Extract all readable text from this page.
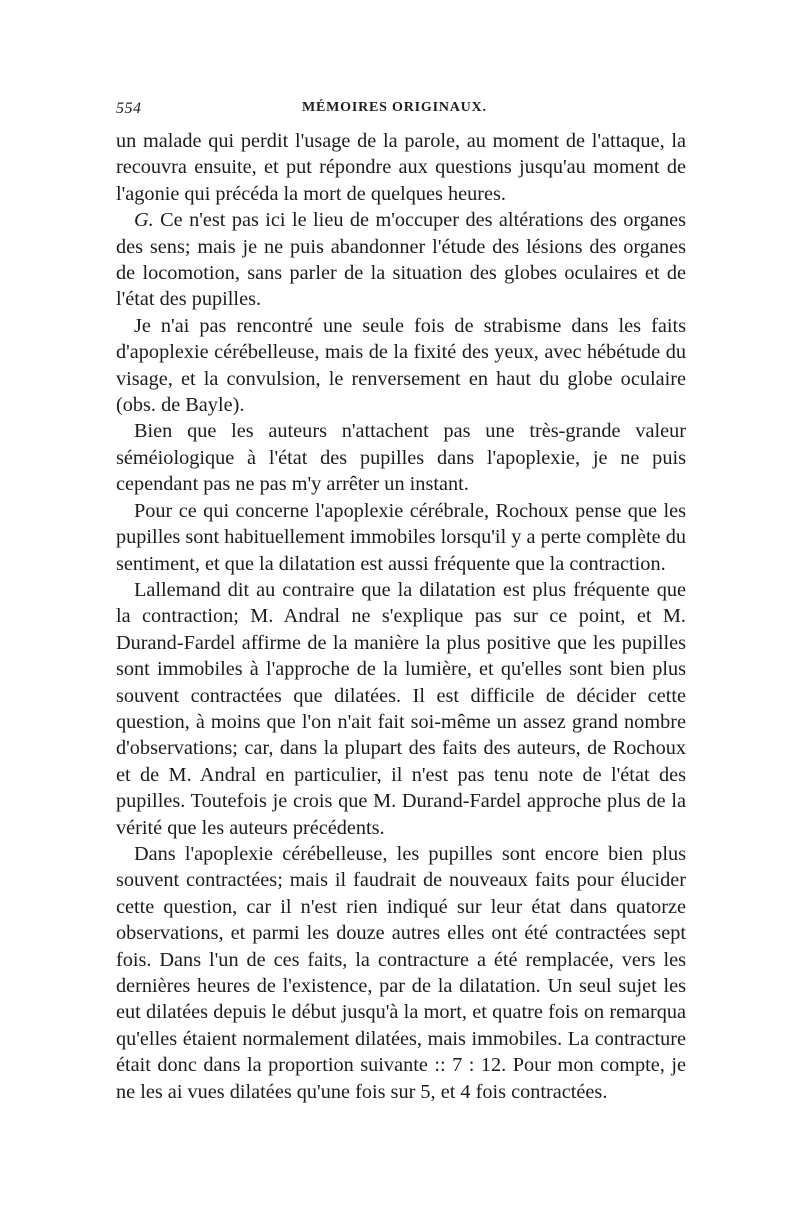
554	MÉMOIRES ORIGINAUX.

un malade qui perdit l'usage de la parole, au moment de l'attaque, la recouvra ensuite, et put répondre aux questions jusqu'au moment de l'agonie qui précéda la mort de quelques heures.

G. Ce n'est pas ici le lieu de m'occuper des altérations des organes des sens; mais je ne puis abandonner l'étude des lésions des organes de locomotion, sans parler de la situation des globes oculaires et de l'état des pupilles.

Je n'ai pas rencontré une seule fois de strabisme dans les faits d'apoplexie cérébelleuse, mais de la fixité des yeux, avec hébétude du visage, et la convulsion, le renversement en haut du globe oculaire (obs. de Bayle).

Bien que les auteurs n'attachent pas une très-grande valeur séméiologique à l'état des pupilles dans l'apoplexie, je ne puis cependant pas ne pas m'y arrêter un instant.

Pour ce qui concerne l'apoplexie cérébrale, Rochoux pense que les pupilles sont habituellement immobiles lorsqu'il y a perte complète du sentiment, et que la dilatation est aussi fréquente que la contraction.

Lallemand dit au contraire que la dilatation est plus fréquente que la contraction; M. Andral ne s'explique pas sur ce point, et M. Durand-Fardel affirme de la manière la plus positive que les pupilles sont immobiles à l'approche de la lumière, et qu'elles sont bien plus souvent contractées que dilatées. Il est difficile de décider cette question, à moins que l'on n'ait fait soi-même un assez grand nombre d'observations; car, dans la plupart des faits des auteurs, de Rochoux et de M. Andral en particulier, il n'est pas tenu note de l'état des pupilles. Toutefois je crois que M. Durand-Fardel approche plus de la vérité que les auteurs précédents.

Dans l'apoplexie cérébelleuse, les pupilles sont encore bien plus souvent contractées; mais il faudrait de nouveaux faits pour élucider cette question, car il n'est rien indiqué sur leur état dans quatorze observations, et parmi les douze autres elles ont été contractées sept fois. Dans l'un de ces faits, la contracture a été remplacée, vers les dernières heures de l'existence, par de la dilatation. Un seul sujet les eut dilatées depuis le début jusqu'à la mort, et quatre fois on remarqua qu'elles étaient normalement dilatées, mais immobiles. La contracture était donc dans la proportion suivante :: 7 : 12. Pour mon compte, je ne les ai vues dilatées qu'une fois sur 5, et 4 fois contractées.
